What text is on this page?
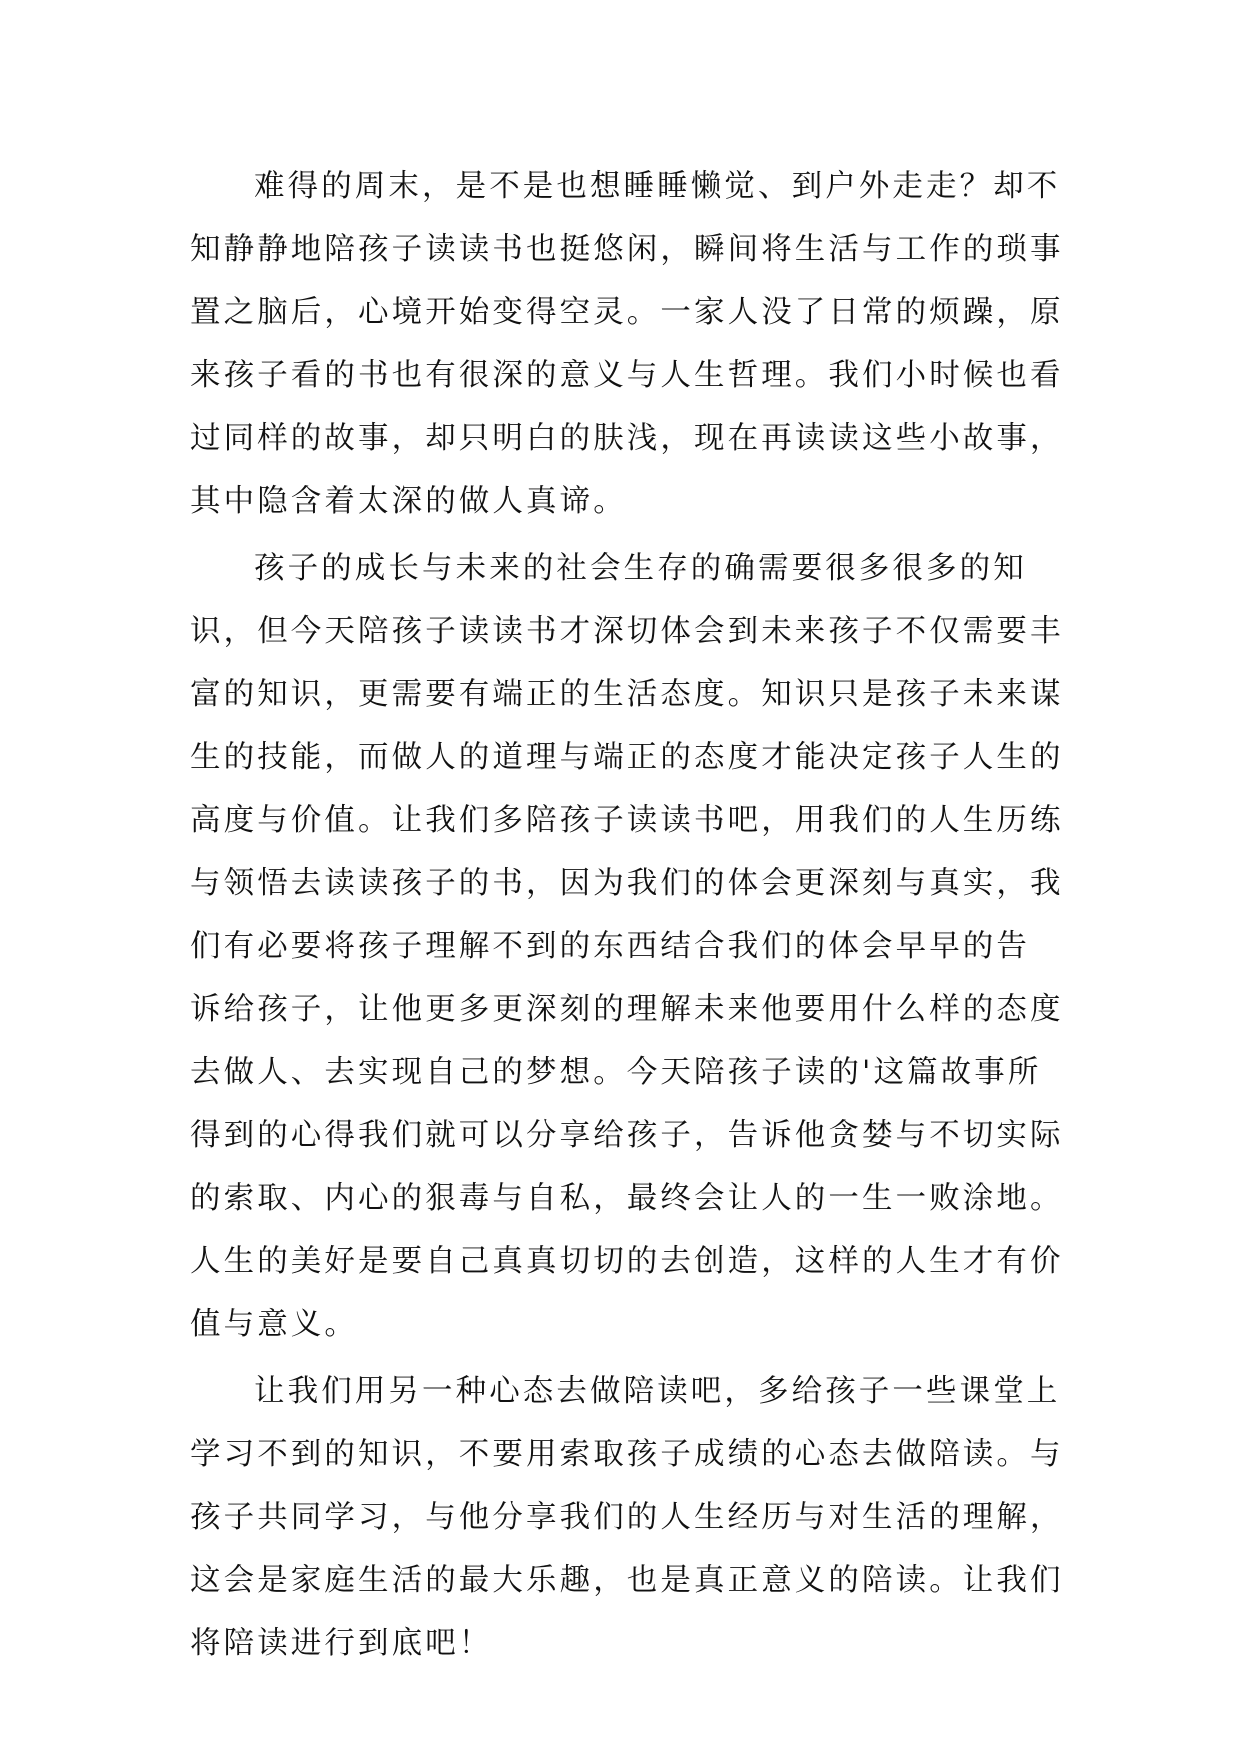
难得的周末，是不是也想睡睡懒觉、到户外走走？却不
知静静地陪孩子读读书也挺悠闲，瞬间将生活与工作的琐事
置之脑后，心境开始变得空灵。一家人没了日常的烦躁，原
来孩子看的书也有很深的意义与人生哲理。我们小时候也看
过同样的故事，却只明白的肤浅，现在再读读这些小故事，
其中隐含着太深的做人真谛。
孩子的成长与未来的社会生存的确需要很多很多的知
识，但今天陪孩子读读书才深切体会到未来孩子不仅需要丰
富的知识，更需要有端正的生活态度。知识只是孩子未来谋
生的技能，而做人的道理与端正的态度才能决定孩子人生的
高度与价值。让我们多陪孩子读读书吧，用我们的人生历练
与领悟去读读孩子的书，因为我们的体会更深刻与真实，我
们有必要将孩子理解不到的东西结合我们的体会早早的告
诉给孩子，让他更多更深刻的理解未来他要用什么样的态度
去做人、去实现自己的梦想。今天陪孩子读的'这篇故事所
得到的心得我们就可以分享给孩子，告诉他贪婪与不切实际
的索取、内心的狠毒与自私，最终会让人的一生一败涂地。
人生的美好是要自己真真切切的去创造，这样的人生才有价
值与意义。
让我们用另一种心态去做陪读吧，多给孩子一些课堂上
学习不到的知识，不要用索取孩子成绩的心态去做陪读。与
孩子共同学习，与他分享我们的人生经历与对生活的理解，
这会是家庭生活的最大乐趣，也是真正意义的陪读。让我们
将陪读进行到底吧！
